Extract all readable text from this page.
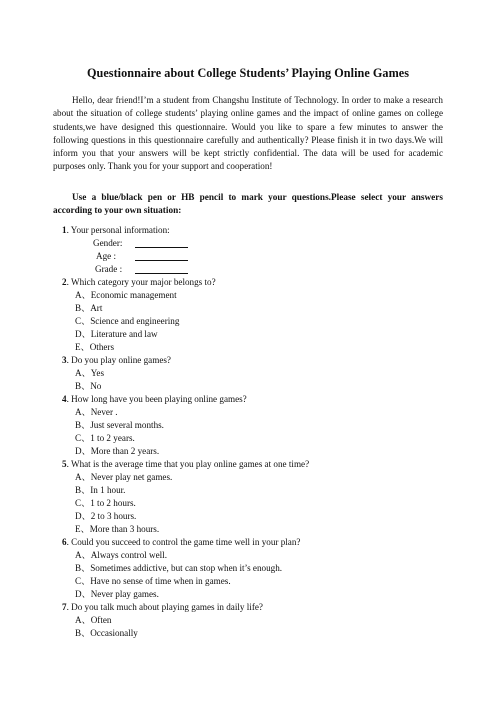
Questionnaire about College Students’ Playing Online Games

Hello, dear friend!I’m a student from Changshu Institute of Technology. In order to make a research about the situation of college students’ playing online games and the impact of online games on college students,we have designed this questionnaire. Would you like to spare a few minutes to answer the following questions in this questionnaire carefully and authentically? Please finish it in two days.We will inform you that your answers will be kept strictly confidential. The data will be used for academic purposes only. Thank you for your support and cooperation!

Use a blue/black pen or HB pencil to mark your questions.Please select your answers according to your own situation:

1. Your personal information:
Gender:
Age :
Grade :
2. Which category your major belongs to?
A、Economic management
B、Art
C、Science and engineering
D、Literature and law
E、Others
3. Do you play online games?
A、Yes
B、No
4. How long have you been playing online games?
A、Never .
B、Just several months.
C、1 to 2 years.
D、More than 2 years.
5. What is the average time that you play online games at one time?
A、Never play net games.
B、In 1 hour.
C、1 to 2 hours.
D、2 to 3 hours.
E、More than 3 hours.
6. Could you succeed to control the game time well in your plan?
A、Always control well.
B、Sometimes addictive, but can stop when it’s enough.
C、Have no sense of time when in games.
D、Never play games.
7. Do you talk much about playing games in daily life?
A、Often
B、Occasionally
